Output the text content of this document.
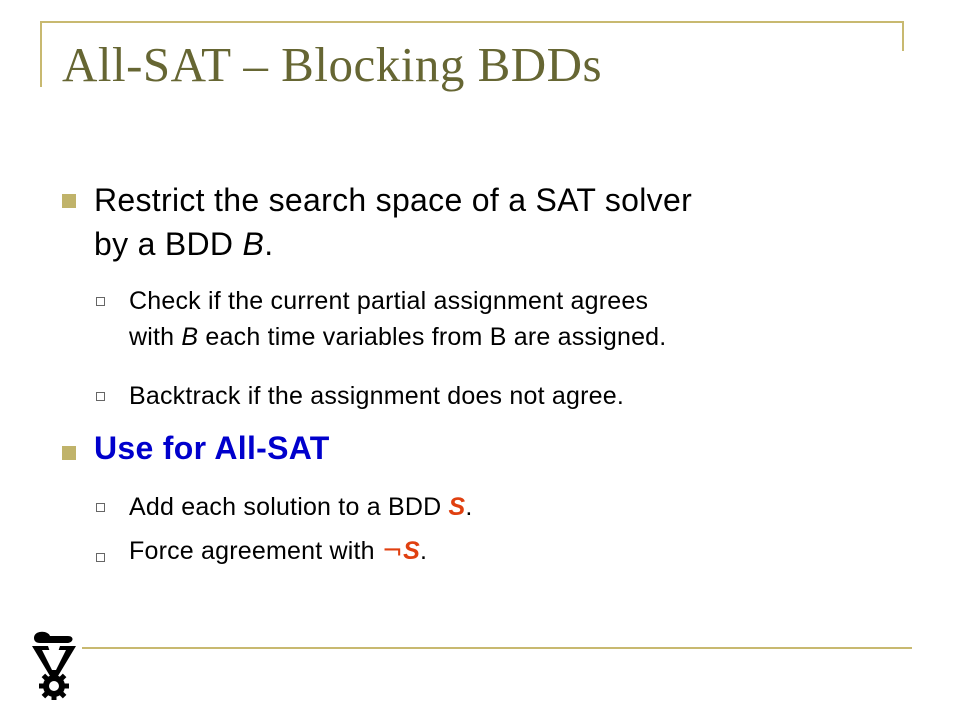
All-SAT – Blocking BDDs
Restrict the search space of a SAT solver
by a BDD B.
Check if the current partial assignment agrees
with B each time variables from B are assigned.
Backtrack if the assignment does not agree.
Use for All-SAT
Add each solution to a BDD S.
Force agreement with ¬S.
